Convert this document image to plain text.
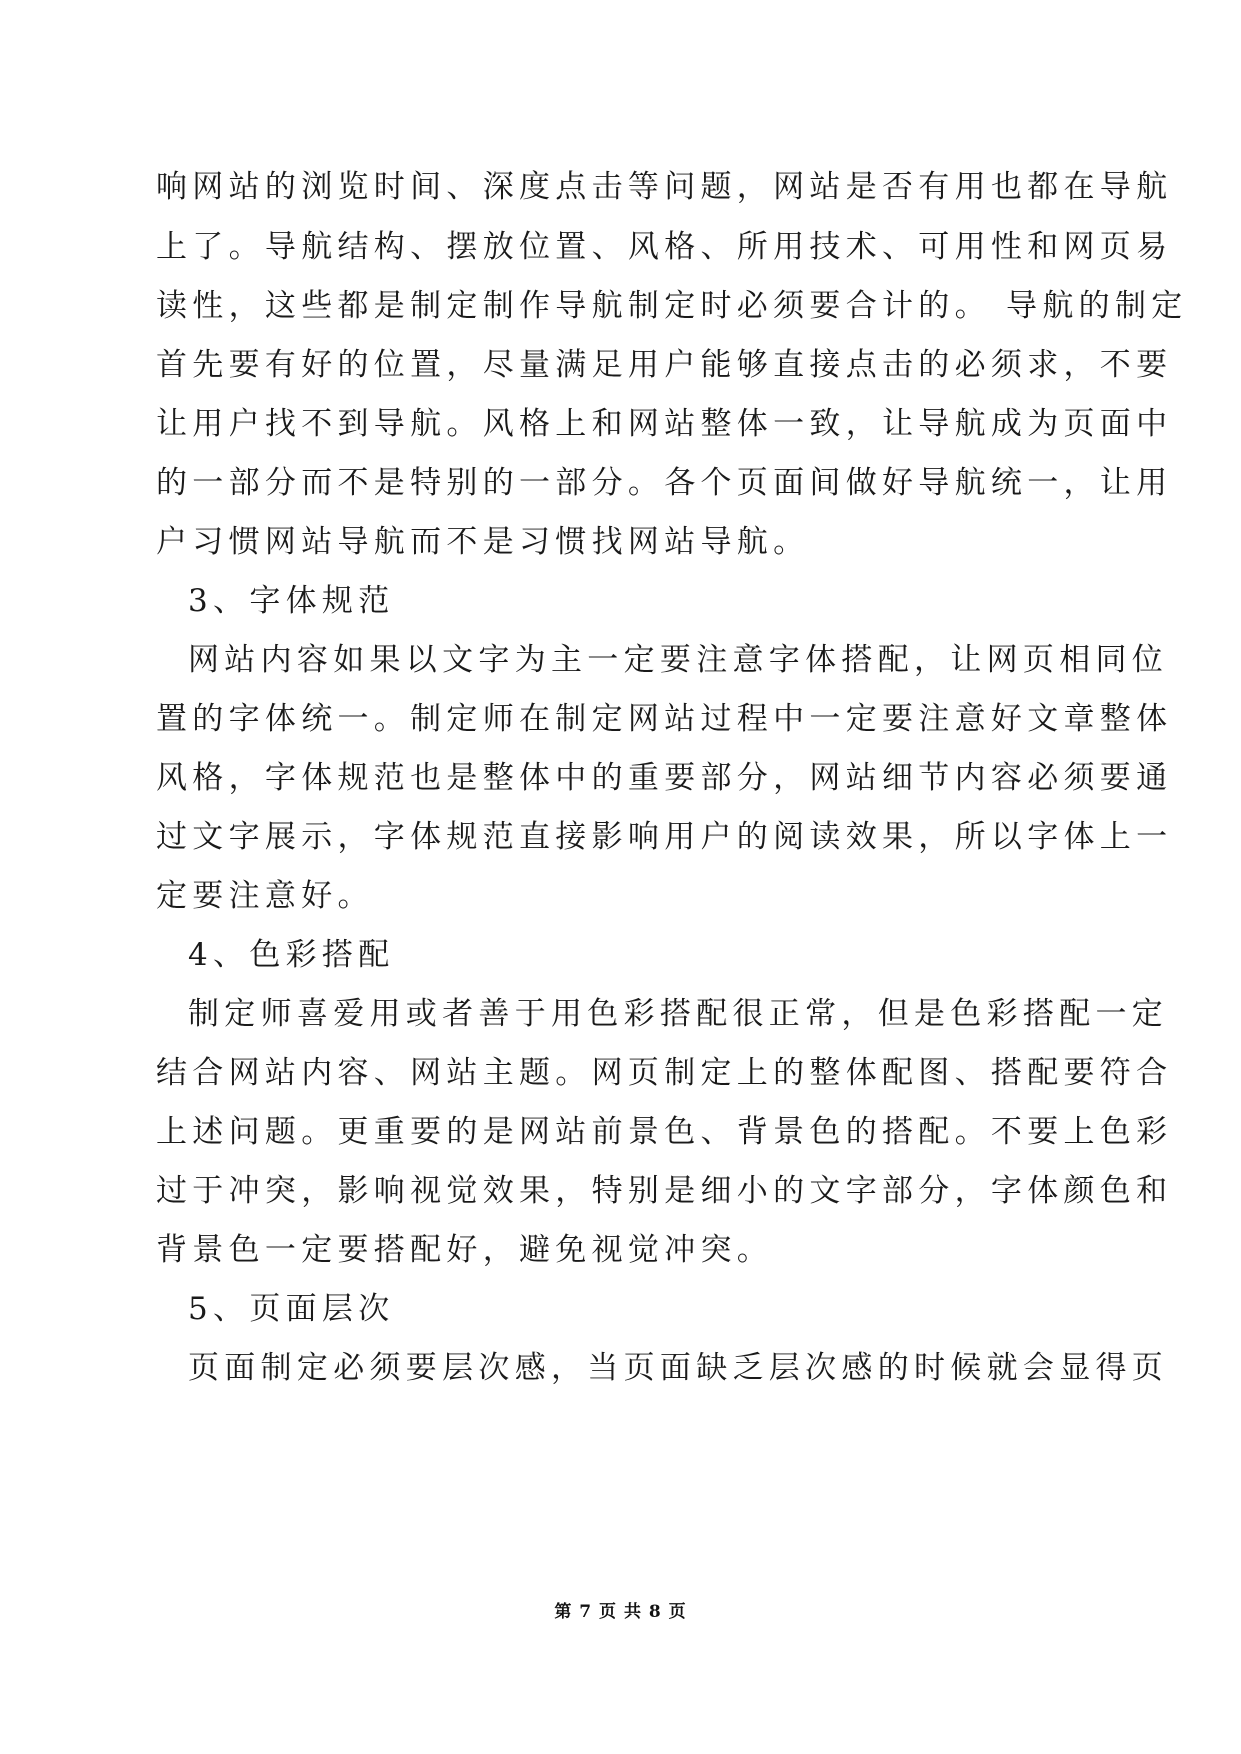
响网站的浏览时间、深度点击等问题，网站是否有用也都在导航
上了。导航结构、摆放位置、风格、所用技术、可用性和网页易
读性，这些都是制定制作导航制定时必须要合计的。 导航的制定
首先要有好的位置，尽量满足用户能够直接点击的必须求，不要
让用户找不到导航。风格上和网站整体一致，让导航成为页面中
的一部分而不是特别的一部分。各个页面间做好导航统一，让用
户习惯网站导航而不是习惯找网站导航。
3、字体规范
网站内容如果以文字为主一定要注意字体搭配，让网页相同位
置的字体统一。制定师在制定网站过程中一定要注意好文章整体
风格，字体规范也是整体中的重要部分，网站细节内容必须要通
过文字展示，字体规范直接影响用户的阅读效果，所以字体上一
定要注意好。
4、色彩搭配
制定师喜爱用或者善于用色彩搭配很正常，但是色彩搭配一定
结合网站内容、网站主题。网页制定上的整体配图、搭配要符合
上述问题。更重要的是网站前景色、背景色的搭配。不要上色彩
过于冲突，影响视觉效果，特别是细小的文字部分，字体颜色和
背景色一定要搭配好，避免视觉冲突。
5、页面层次
页面制定必须要层次感，当页面缺乏层次感的时候就会显得页
第 7 页 共 8 页
